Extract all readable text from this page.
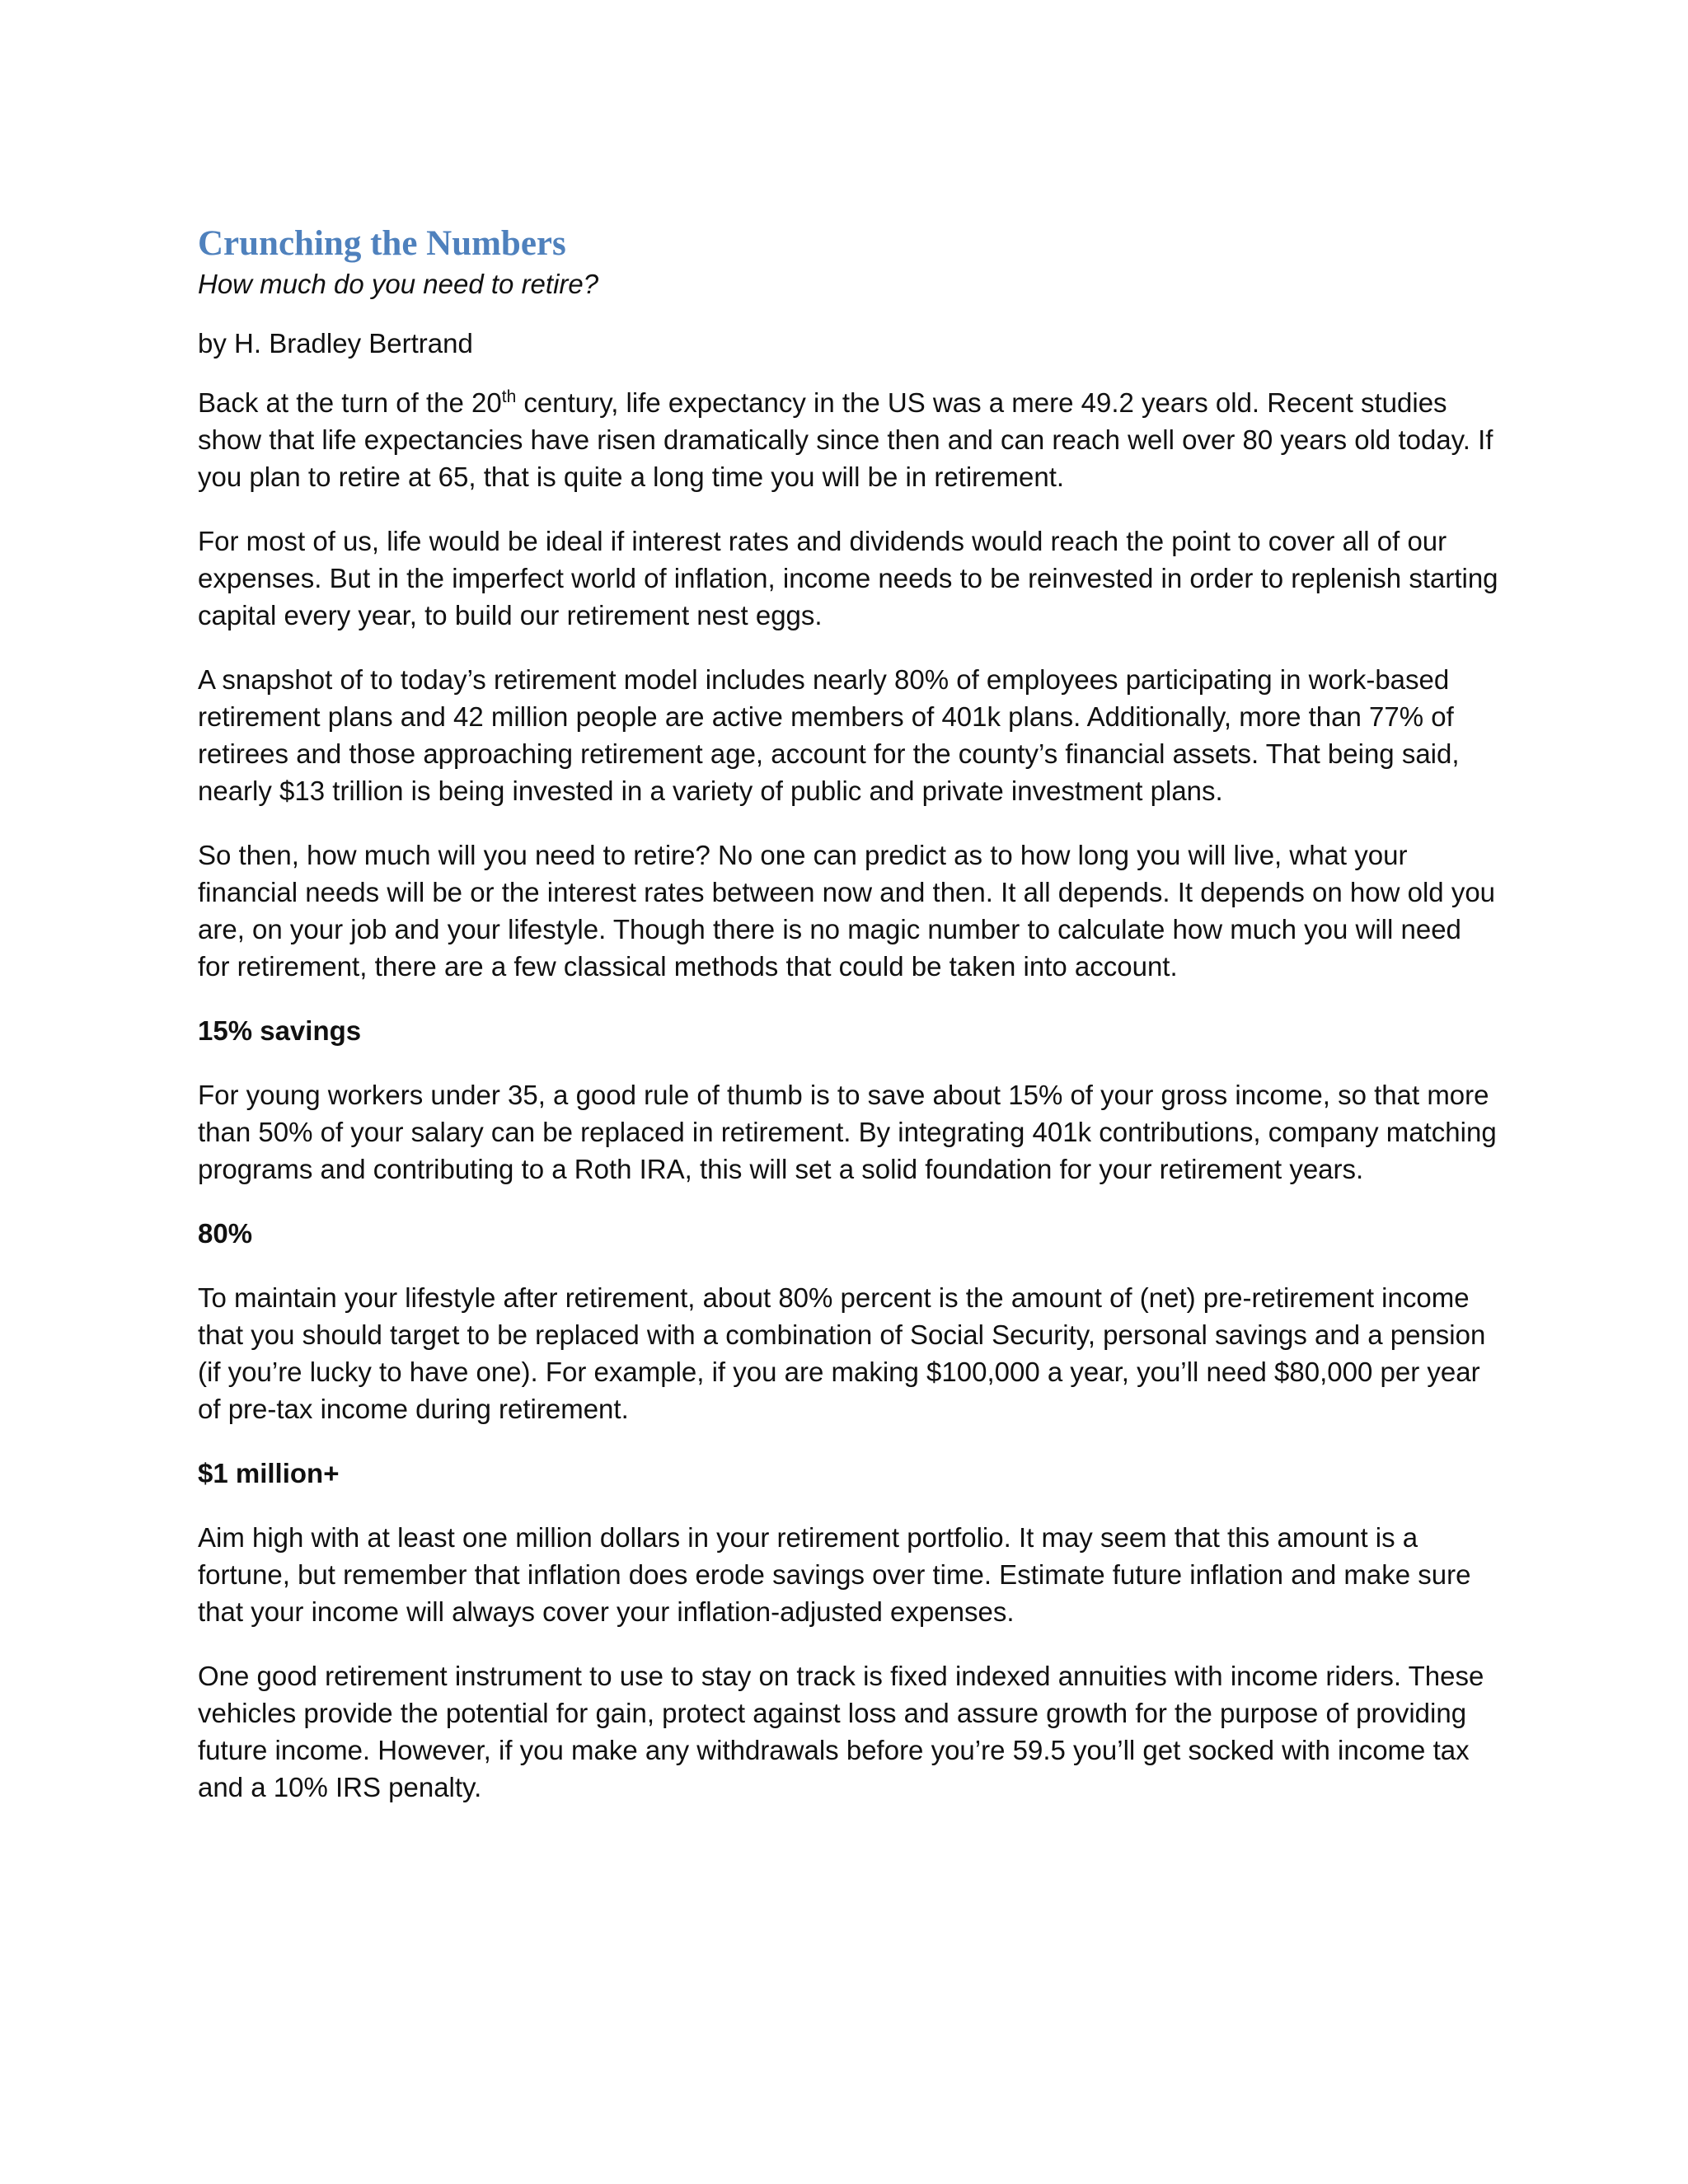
Crunching the Numbers

How much do you need to retire?

by H. Bradley Bertrand

Back at the turn of the 20th century, life expectancy in the US was a mere 49.2 years old. Recent studies show that life expectancies have risen dramatically since then and can reach well over 80 years old today. If you plan to retire at 65, that is quite a long time you will be in retirement.

For most of us, life would be ideal if interest rates and dividends would reach the point to cover all of our expenses. But in the imperfect world of inflation, income needs to be reinvested in order to replenish starting capital every year, to build our retirement nest eggs.

A snapshot of to today’s retirement model includes nearly 80% of employees participating in work-based retirement plans and 42 million people are active members of 401k plans. Additionally, more than 77% of retirees and those approaching retirement age, account for the county’s financial assets. That being said, nearly $13 trillion is being invested in a variety of public and private investment plans.

So then, how much will you need to retire? No one can predict as to how long you will live, what your financial needs will be or the interest rates between now and then. It all depends. It depends on how old you are, on your job and your lifestyle. Though there is no magic number to calculate how much you will need for retirement, there are a few classical methods that could be taken into account.

15% savings

For young workers under 35, a good rule of thumb is to save about 15% of your gross income, so that more than 50% of your salary can be replaced in retirement. By integrating 401k contributions, company matching programs and contributing to a Roth IRA, this will set a solid foundation for your retirement years.

80%

To maintain your lifestyle after retirement, about 80% percent is the amount of (net) pre-retirement income that you should target to be replaced with a combination of Social Security, personal savings and a pension (if you’re lucky to have one). For example, if you are making $100,000 a year, you’ll need $80,000 per year of pre-tax income during retirement.

$1 million+

Aim high with at least one million dollars in your retirement portfolio. It may seem that this amount is a fortune, but remember that inflation does erode savings over time. Estimate future inflation and make sure that your income will always cover your inflation-adjusted expenses.

One good retirement instrument to use to stay on track is fixed indexed annuities with income riders. These vehicles provide the potential for gain, protect against loss and assure growth for the purpose of providing future income. However, if you make any withdrawals before you’re 59.5 you’ll get socked with income tax and a 10% IRS penalty.
